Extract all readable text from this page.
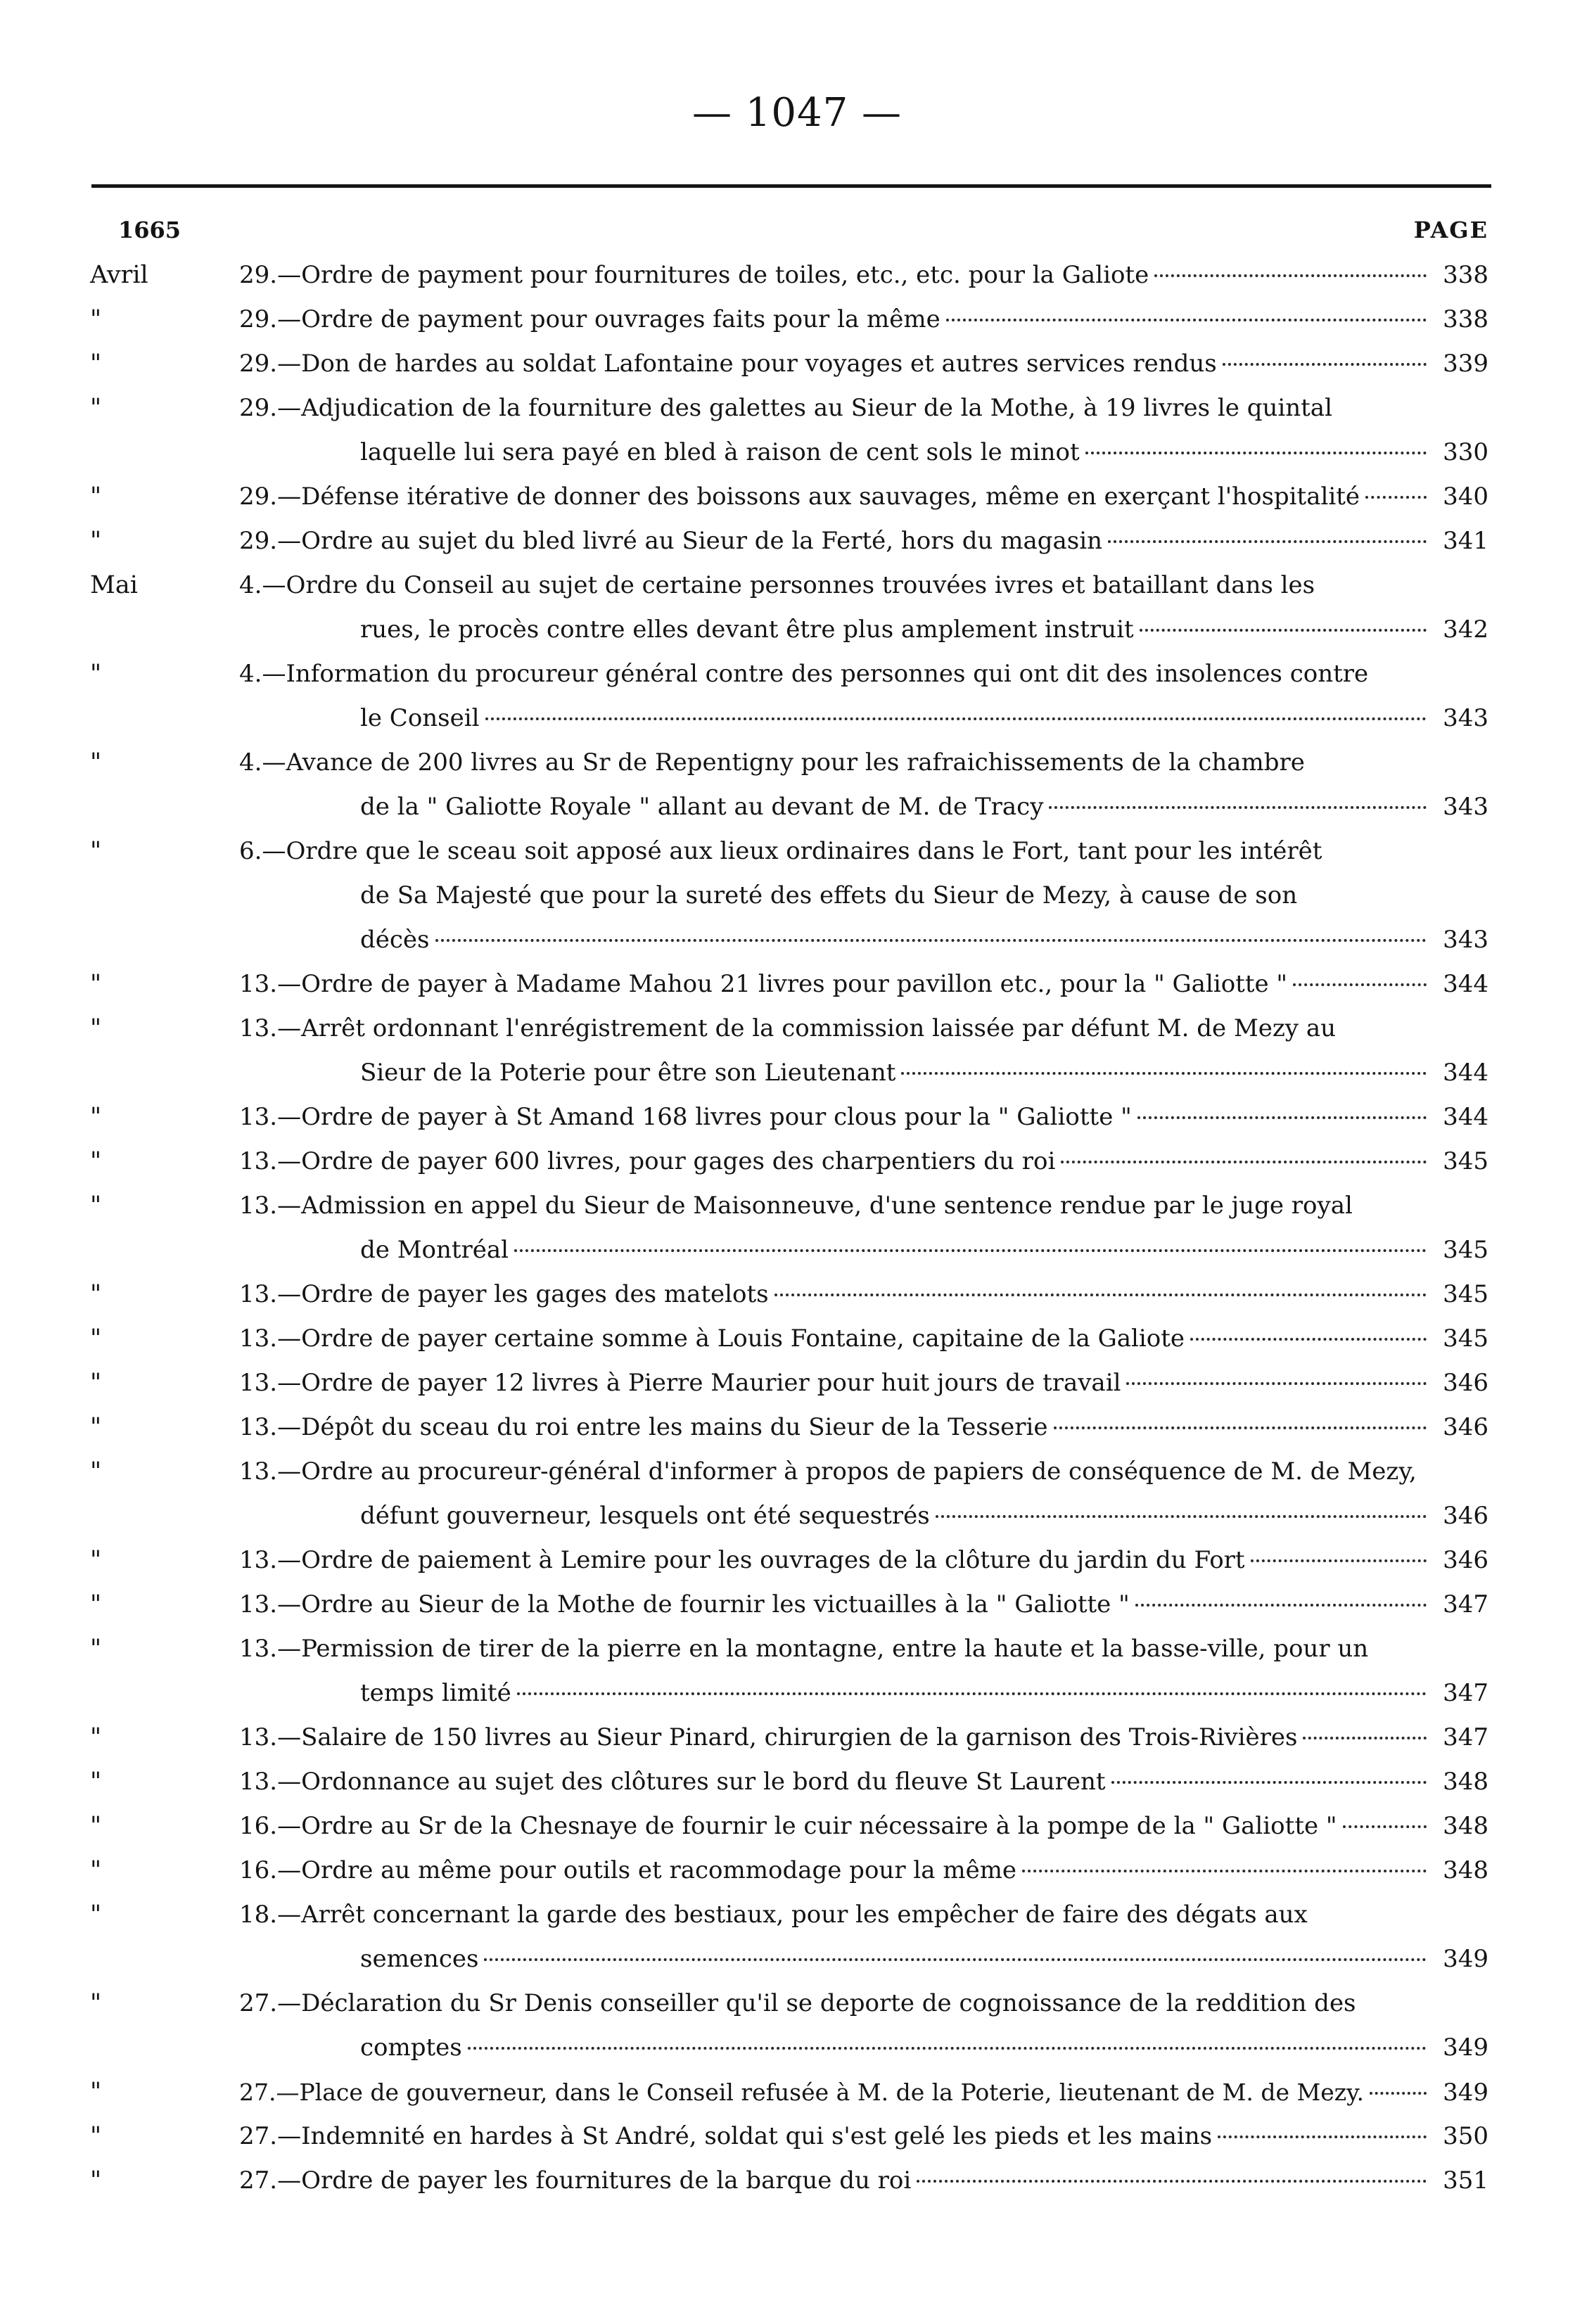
— 1047 —
1665	PAGE
Avril	29.—Ordre de payment pour fournitures de toiles, etc., etc. pour la Galiote	338
"	29.—Ordre de payment pour ouvrages faits pour la même	338
"	29.—Don de hardes au soldat Lafontaine pour voyages et autres services rendus	339
"	29.—Adjudication de la fourniture des galettes au Sieur de la Mothe, à 19 livres le quintal
laquelle lui sera payé en bled à raison de cent sols le minot	330
"	29.—Défense itérative de donner des boissons aux sauvages, même en exerçant l'hospitalité	340
"	29.—Ordre au sujet du bled livré au Sieur de la Ferté, hors du magasin	341
Mai	4.—Ordre du Conseil au sujet de certaine personnes trouvées ivres et bataillant dans les
rues, le procès contre elles devant être plus amplement instruit	342
"	4.—Information du procureur général contre des personnes qui ont dit des insolences contre
le Conseil	343
"	4.—Avance de 200 livres au Sr de Repentigny pour les rafraichissements de la chambre
de la " Galiotte Royale " allant au devant de M. de Tracy	343
"	6.—Ordre que le sceau soit apposé aux lieux ordinaires dans le Fort, tant pour les intérêt
de Sa Majesté que pour la sureté des effets du Sieur de Mezy, à cause de son
décès	343
"	13.—Ordre de payer à Madame Mahou 21 livres pour pavillon etc., pour la " Galiotte "	344
"	13.—Arrêt ordonnant l'enrégistrement de la commission laissée par défunt M. de Mezy au
Sieur de la Poterie pour être son Lieutenant	344
"	13.—Ordre de payer à St Amand 168 livres pour clous pour la " Galiotte "	344
"	13.—Ordre de payer 600 livres, pour gages des charpentiers du roi	345
"	13.—Admission en appel du Sieur de Maisonneuve, d'une sentence rendue par le juge royal
de Montréal	345
"	13.—Ordre de payer les gages des matelots	345
"	13.—Ordre de payer certaine somme à Louis Fontaine, capitaine de la Galiote	345
"	13.—Ordre de payer 12 livres à Pierre Maurier pour huit jours de travail	346
"	13.—Dépôt du sceau du roi entre les mains du Sieur de la Tesserie	346
"	13.—Ordre au procureur-général d'informer à propos de papiers de conséquence de M. de Mezy,
défunt gouverneur, lesquels ont été sequestrés	346
"	13.—Ordre de paiement à Lemire pour les ouvrages de la clôture du jardin du Fort	346
"	13.—Ordre au Sieur de la Mothe de fournir les victuailles à la " Galiotte "	347
"	13.—Permission de tirer de la pierre en la montagne, entre la haute et la basse-ville, pour un
temps limité	347
"	13.—Salaire de 150 livres au Sieur Pinard, chirurgien de la garnison des Trois-Rivières	347
"	13.—Ordonnance au sujet des clôtures sur le bord du fleuve St Laurent	348
"	16.—Ordre au Sr de la Chesnaye de fournir le cuir nécessaire à la pompe de la " Galiotte "	348
"	16.—Ordre au même pour outils et racommodage pour la même	348
"	18.—Arrêt concernant la garde des bestiaux, pour les empêcher de faire des dégats aux
semences	349
"	27.—Déclaration du Sr Denis conseiller qu'il se deporte de cognoissance de la reddition des
comptes	349
"	27.—Place de gouverneur, dans le Conseil refusée à M. de la Poterie, lieutenant de M. de Mezy.	349
"	27.—Indemnité en hardes à St André, soldat qui s'est gelé les pieds et les mains	350
"	27.—Ordre de payer les fournitures de la barque du roi	351
